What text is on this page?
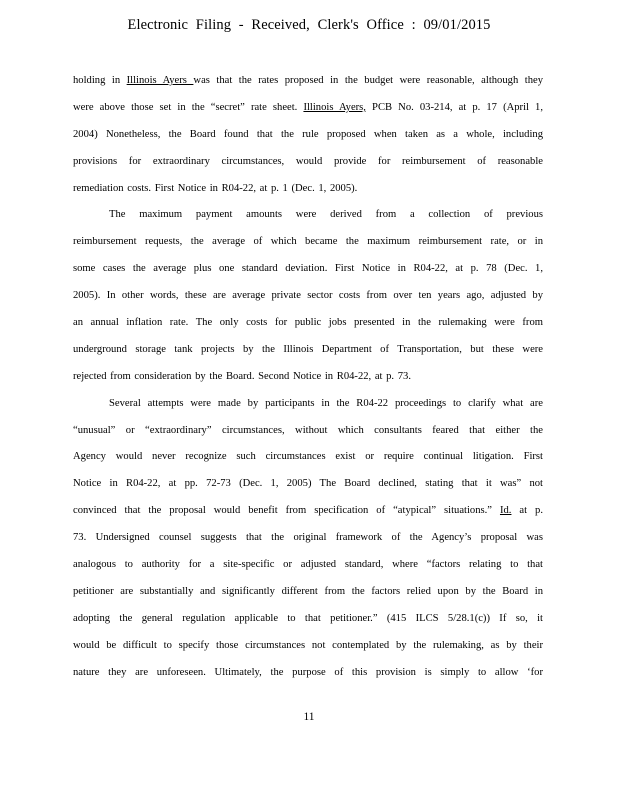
Electronic Filing - Received, Clerk's Office : 09/01/2015
holding in Illinois Ayers was that the rates proposed in the budget were reasonable, although they
were above those set in the “secret” rate sheet. Illinois Ayers, PCB No. 03-214, at p. 17 (April 1,
2004) Nonetheless, the Board found that the rule proposed when taken as a whole, including
provisions for extraordinary circumstances, would provide for reimbursement of reasonable
remediation costs. First Notice in R04-22, at p. 1 (Dec. 1, 2005).
The maximum payment amounts were derived from a collection of previous
reimbursement requests, the average of which became the maximum reimbursement rate, or in
some cases the average plus one standard deviation. First Notice in R04-22, at p. 78 (Dec. 1,
2005). In other words, these are average private sector costs from over ten years ago, adjusted by
an annual inflation rate. The only costs for public jobs presented in the rulemaking were from
underground storage tank projects by the Illinois Department of Transportation, but these were
rejected from consideration by the Board. Second Notice in R04-22, at p. 73.
Several attempts were made by participants in the R04-22 proceedings to clarify what are
“unusual” or “extraordinary” circumstances, without which consultants feared that either the
Agency would never recognize such circumstances exist or require continual litigation. First
Notice in R04-22, at pp. 72-73 (Dec. 1, 2005) The Board declined, stating that it was” not
convinced that the proposal would benefit from specification of “atypical” situations.” Id. at p.
73. Undersigned counsel suggests that the original framework of the Agency’s proposal was
analogous to authority for a site-specific or adjusted standard, where “factors relating to that
petitioner are substantially and significantly different from the factors relied upon by the Board in
adopting the general regulation applicable to that petitioner.” (415 ILCS 5/28.1(c)) If so, it
would be difficult to specify those circumstances not contemplated by the rulemaking, as by their
nature they are unforeseen. Ultimately, the purpose of this provision is simply to allow ‘for
11
